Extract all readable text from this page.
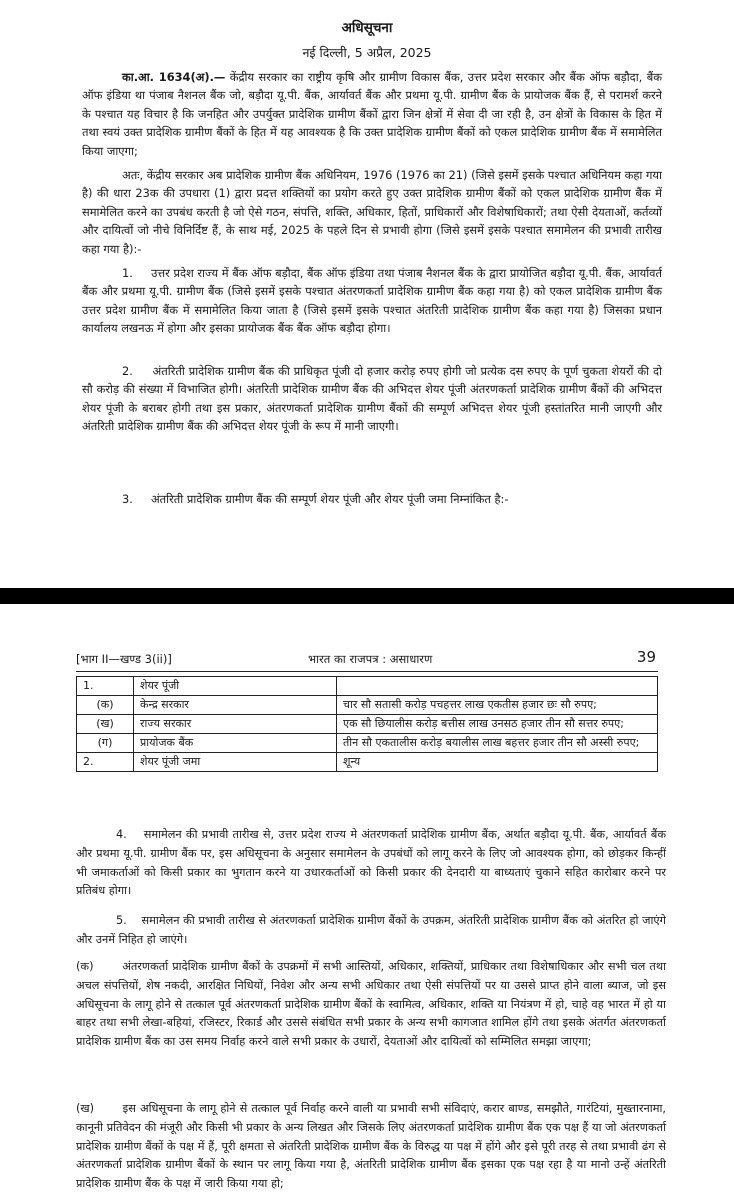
अधिसूचना
नई दिल्ली, 5 अप्रैल, 2025

का.आ. 1634(अ).— केंद्रीय सरकार का राष्ट्रीय कृषि और ग्रामीण विकास बैंक, उत्तर प्रदेश सरकार और बैंक ऑफ बड़ौदा, बैंक ऑफ इंडिया था पंजाब नैशनल बैंक जो, बड़ौदा यू.पी. बैंक, आर्यावर्त बैंक और प्रथमा यू.पी. ग्रामीण बैंक के प्रायोजक बैंक हैं, से परामर्श करने के पश्चात यह विचार है कि जनहित और उपर्युक्त प्रादेशिक ग्रामीण बैंकों द्वारा जिन क्षेत्रों में सेवा दी जा रही है, उन क्षेत्रों के विकास के हित में तथा स्वयं उक्त प्रादेशिक ग्रामीण बैंकों के हित में यह आवश्यक है कि उक्त प्रादेशिक ग्रामीण बैंकों को एकल प्रादेशिक ग्रामीण बैंक में समामेलित किया जाएगा;

अतः, केंद्रीय सरकार अब प्रादेशिक ग्रामीण बैंक अधिनियम, 1976 (1976 का 21) (जिसे इसमें इसके पश्चात अधिनियम कहा गया है) की धारा 23क की उपधारा (1) द्वारा प्रदत्त शक्तियों का प्रयोग करते हुए उक्त प्रादेशिक ग्रामीण बैंकों को एकल प्रादेशिक ग्रामीण बैंक में समामेलित करने का उपबंध करती है जो ऐसे गठन, संपत्ति, शक्ति, अधिकार, हितों, प्राधिकारों और विशेषाधिकारों; तथा ऐसी देयताओं, कर्तव्यों और दायित्वों जो नीचे विनिर्दिष्ट हैं, के साथ मई, 2025 के पहले दिन से प्रभावी होगा (जिसे इसमें इसके पश्चात समामेलन की प्रभावी तारीख कहा गया है):-

1. उत्तर प्रदेश राज्य में बैंक ऑफ बड़ौदा, बैंक ऑफ इंडिया तथा पंजाब नैशनल बैंक के द्वारा प्रायोजित बड़ौदा यू.पी. बैंक, आर्यावर्त बैंक और प्रथमा यू.पी. ग्रामीण बैंक (जिसे इसमें इसके पश्चात अंतरणकर्ता प्रादेशिक ग्रामीण बैंक कहा गया है) को एकल प्रादेशिक ग्रामीण बैंक उत्तर प्रदेश ग्रामीण बैंक में समामेलित किया जाता है (जिसे इसमें इसके पश्चात अंतरिती प्रादेशिक ग्रामीण बैंक कहा गया है) जिसका प्रधान कार्यालय लखनऊ में होगा और इसका प्रायोजक बैंक बैंक ऑफ बड़ौदा होगा।

2. अंतरिती प्रादेशिक ग्रामीण बैंक की प्राधिकृत पूंजी दो हजार करोड़ रुपए होगी जो प्रत्येक दस रुपए के पूर्ण चुकता शेयरों की दो सौ करोड़ की संख्या में विभाजित होगी। अंतरिती प्रादेशिक ग्रामीण बैंक की अभिदत्त शेयर पूंजी अंतरणकर्ता प्रादेशिक ग्रामीण बैंकों की अभिदत्त शेयर पूंजी के बराबर होगी तथा इस प्रकार, अंतरणकर्ता प्रादेशिक ग्रामीण बैंकों की सम्पूर्ण अभिदत्त शेयर पूंजी हस्तांतरित मानी जाएगी और अंतरिती प्रादेशिक ग्रामीण बैंक की अभिदत्त शेयर पूंजी के रूप में मानी जाएगी।

3. अंतरिती प्रादेशिक ग्रामीण बैंक की सम्पूर्ण शेयर पूंजी और शेयर पूंजी जमा निम्नांकित है:-

[भाग II—खण्ड 3(ii)]	भारत का राजपत्र : असाधारण	39
1.	शेयर पूंजी	
(क)	केन्द्र सरकार	चार सौ सतासी करोड़ पचहत्तर लाख एकतीस हजार छः सौ रुपए;
(ख)	राज्य सरकार	एक सौ छियालीस करोड़ बत्तीस लाख उनसठ हजार तीन सौ सत्तर रुपए;
(ग)	प्रायोजक बैंक	तीन सौ एकतालीस करोड़ बयालीस लाख बहत्तर हजार तीन सौ अस्सी रुपए;
2.	शेयर पूंजी जमा	शून्य

4. समामेलन की प्रभावी तारीख से, उत्तर प्रदेश राज्य मे अंतरणकर्ता प्रादेशिक ग्रामीण बैंक, अर्थात बड़ौदा यू.पी. बैंक, आर्यावर्त बैंक और प्रथमा यू.पी. ग्रामीण बैंक पर, इस अधिसूचना के अनुसार समामेलन के उपबंधों को लागू करने के लिए जो आवश्यक होगा, को छोड़कर किन्हीं भी जमाकर्ताओं को किसी प्रकार का भुगतान करने या उधारकर्ताओं को किसी प्रकार की देनदारी या बाध्यताएं चुकाने सहित कारोबार करने पर प्रतिबंध होगा।

5. समामेलन की प्रभावी तारीख से अंतरणकर्ता प्रादेशिक ग्रामीण बैंकों के उपक्रम, अंतरिती प्रादेशिक ग्रामीण बैंक को अंतरित हो जाएंगे और उनमें निहित हो जाएंगे।

(क)	अंतरणकर्ता प्रादेशिक ग्रामीण बैंकों के उपक्रमों में सभी आस्तियों, अधिकार, शक्तियों, प्राधिकार तथा विशेषाधिकार और सभी चल तथा अचल संपत्तियों, शेष नकदी, आरक्षित निधियों, निवेश और अन्य सभी अधिकार तथा ऐसी संपत्तियों पर या उससे प्राप्त होने वाला ब्याज, जो इस अधिसूचना के लागू होने से तत्काल पूर्व अंतरणकर्ता प्रादेशिक ग्रामीण बैंकों के स्वामित्व, अधिकार, शक्ति या नियंत्रण में हो, चाहे वह भारत में हो या बाहर तथा सभी लेखा-बहियां, रजिस्टर, रिकार्ड और उससे संबंधित सभी प्रकार के अन्य सभी कागजात शामिल होंगे तथा इसके अंतर्गत अंतरणकर्ता प्रादेशिक ग्रामीण बैंक का उस समय निर्वाह करने वाले सभी प्रकार के उधारों, देयताओं और दायित्वों को सम्मिलित समझा जाएगा;

(ख)	इस अधिसूचना के लागू होने से तत्काल पूर्व निर्वाह करने वाली या प्रभावी सभी संविदाएं, करार बाण्ड, समझौते, गारंटियां, मुख्तारनामा, कानूनी प्रतिवेदन की मंजूरी और किसी भी प्रकार के अन्य लिखत और जिसके लिए अंतरणकर्ता प्रादेशिक ग्रामीण बैंक एक पक्ष हैं या जो अंतरणकर्ता प्रादेशिक ग्रामीण बैंकों के पक्ष में हैं, पूरी क्षमता से अंतरिती प्रादेशिक ग्रामीण बैंक के विरुद्ध या पक्ष में होंगे और इसे पूरी तरह से तथा प्रभावी ढंग से अंतरणकर्ता प्रादेशिक ग्रामीण बैंकों के स्थान पर लागू किया गया है, अंतरिती प्रादेशिक ग्रामीण बैंक इसका एक पक्ष रहा है या मानो उन्हें अंतरिती प्रादेशिक ग्रामीण बैंक के पक्ष में जारी किया गया हो;
